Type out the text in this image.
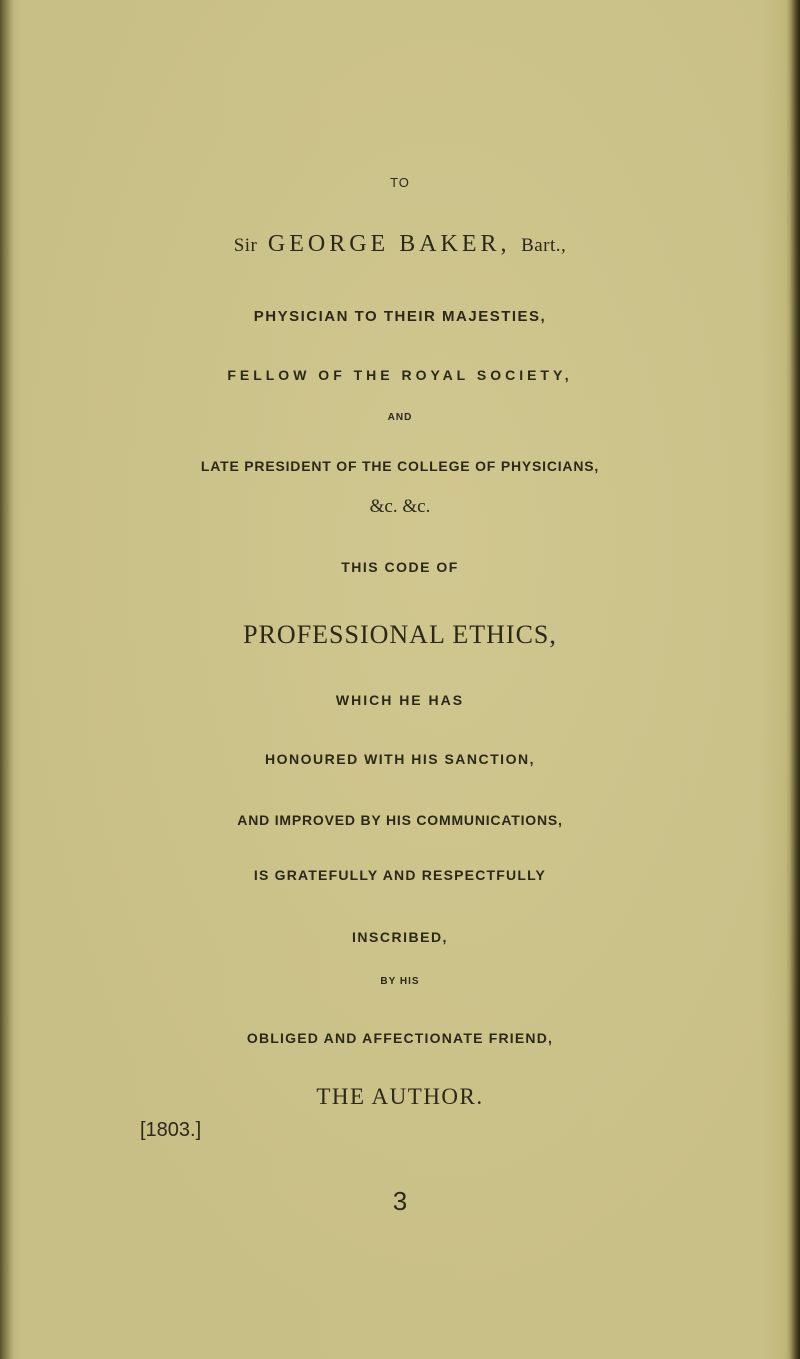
TO
Sir GEORGE BAKER, Bart.,
PHYSICIAN TO THEIR MAJESTIES,
FELLOW OF THE ROYAL SOCIETY,
AND
LATE PRESIDENT OF THE COLLEGE OF PHYSICIANS,
&c. &c.
THIS CODE OF
PROFESSIONAL ETHICS,
WHICH HE HAS
HONOURED WITH HIS SANCTION,
AND IMPROVED BY HIS COMMUNICATIONS,
IS GRATEFULLY AND RESPECTFULLY
INSCRIBED,
BY HIS
OBLIGED AND AFFECTIONATE FRIEND,
THE AUTHOR.
[1803.]
3
